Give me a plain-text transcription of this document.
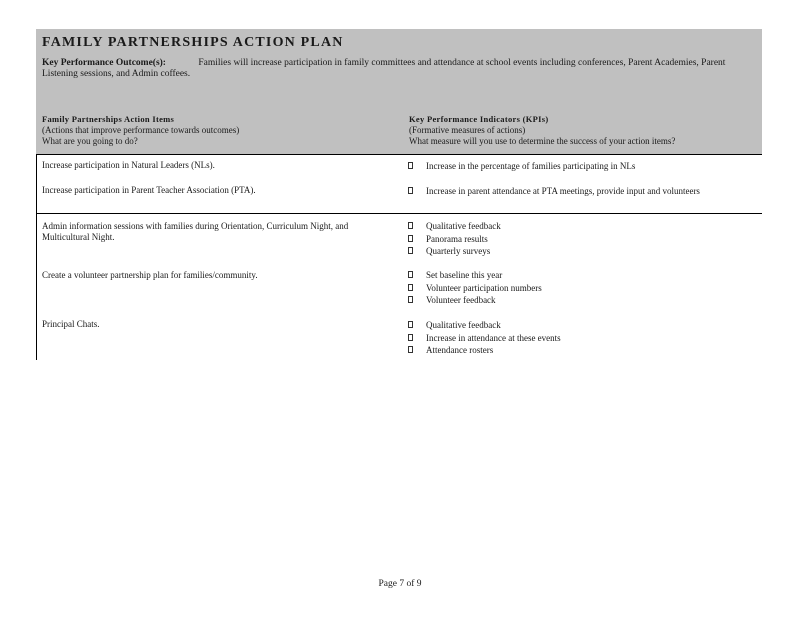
FAMILY PARTNERSHIPS ACTION PLAN
Key Performance Outcome(s):	Families will increase participation in family committees and attendance at school events including conferences, Parent Academies, Parent Listening sessions, and Admin coffees.
Family Partnerships Action Items
(Actions that improve performance towards outcomes)
What are you going to do?
Key Performance Indicators (KPIs)
(Formative measures of actions)
What measure will you use to determine the success of your action items?
Increase participation in Natural Leaders (NLs).
Increase participation in Parent Teacher Association (PTA).
Increase in the percentage of families participating in NLs
Increase in parent attendance at PTA meetings, provide input and volunteers
Admin information sessions with families during Orientation, Curriculum Night, and Multicultural Night.
Create a volunteer partnership plan for families/community.
Principal Chats.
Qualitative feedback
Panorama results
Quarterly surveys
Set baseline this year
Volunteer participation numbers
Volunteer feedback
Qualitative feedback
Increase in attendance at these events
Attendance rosters
Page 7 of 9
